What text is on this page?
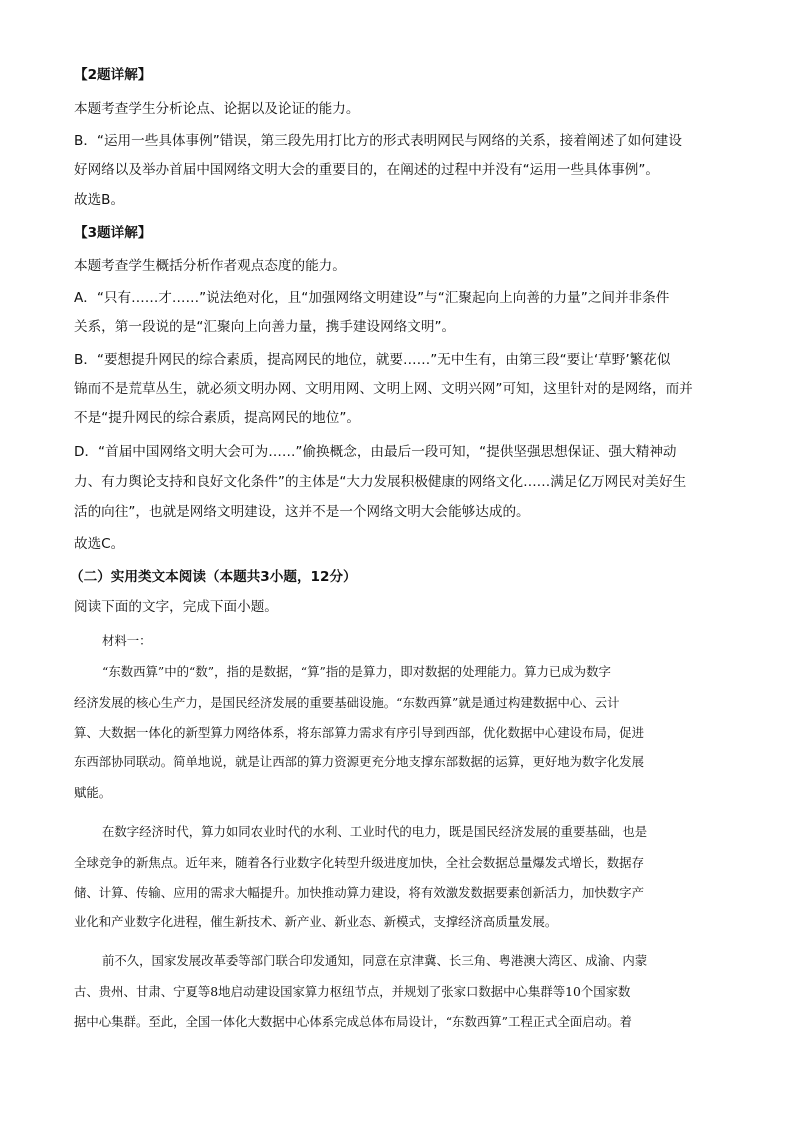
【2题详解】
本题考查学生分析论点、论据以及论证的能力。
B．“运用一些具体事例”错误，第三段先用打比方的形式表明网民与网络的关系，接着阐述了如何建设
好网络以及举办首届中国网络文明大会的重要目的，在阐述的过程中并没有“运用一些具体事例”。
故选B。
【3题详解】
本题考查学生概括分析作者观点态度的能力。
A．“只有……才……”说法绝对化，且“加强网络文明建设”与“汇聚起向上向善的力量”之间并非条件
关系，第一段说的是“汇聚向上向善力量，携手建设网络文明”。
B．“要想提升网民的综合素质，提高网民的地位，就要……”无中生有，由第三段“要让‘草野’繁花似
锦而不是荒草丛生，就必须文明办网、文明用网、文明上网、文明兴网”可知，这里针对的是网络，而并
不是“提升网民的综合素质，提高网民的地位”。
D．“首届中国网络文明大会可为……”偷换概念，由最后一段可知，“提供坚强思想保证、强大精神动
力、有力舆论支持和良好文化条件”的主体是“大力发展积极健康的网络文化……满足亿万网民对美好生
活的向往”，也就是网络文明建设，这并不是一个网络文明大会能够达成的。
故选C。
（二）实用类文本阅读（本题共3小题，12分）
阅读下面的文字，完成下面小题。
材料一：
“东数西算”中的“数”，指的是数据，“算”指的是算力，即对数据的处理能力。算力已成为数字
经济发展的核心生产力，是国民经济发展的重要基础设施。“东数西算”就是通过构建数据中心、云计
算、大数据一体化的新型算力网络体系，将东部算力需求有序引导到西部，优化数据中心建设布局，促进
东西部协同联动。简单地说，就是让西部的算力资源更充分地支撑东部数据的运算，更好地为数字化发展
赋能。
在数字经济时代，算力如同农业时代的水利、工业时代的电力，既是国民经济发展的重要基础，也是
全球竞争的新焦点。近年来，随着各行业数字化转型升级进度加快，全社会数据总量爆发式增长，数据存
储、计算、传输、应用的需求大幅提升。加快推动算力建设，将有效激发数据要素创新活力，加快数字产
业化和产业数字化进程，催生新技术、新产业、新业态、新模式，支撑经济高质量发展。
前不久，国家发展改革委等部门联合印发通知，同意在京津冀、长三角、粤港澳大湾区、成渝、内蒙
古、贵州、甘肃、宁夏等8地启动建设国家算力枢纽节点，并规划了张家口数据中心集群等10个国家数
据中心集群。至此，全国一体化大数据中心体系完成总体布局设计，“东数西算”工程正式全面启动。着
